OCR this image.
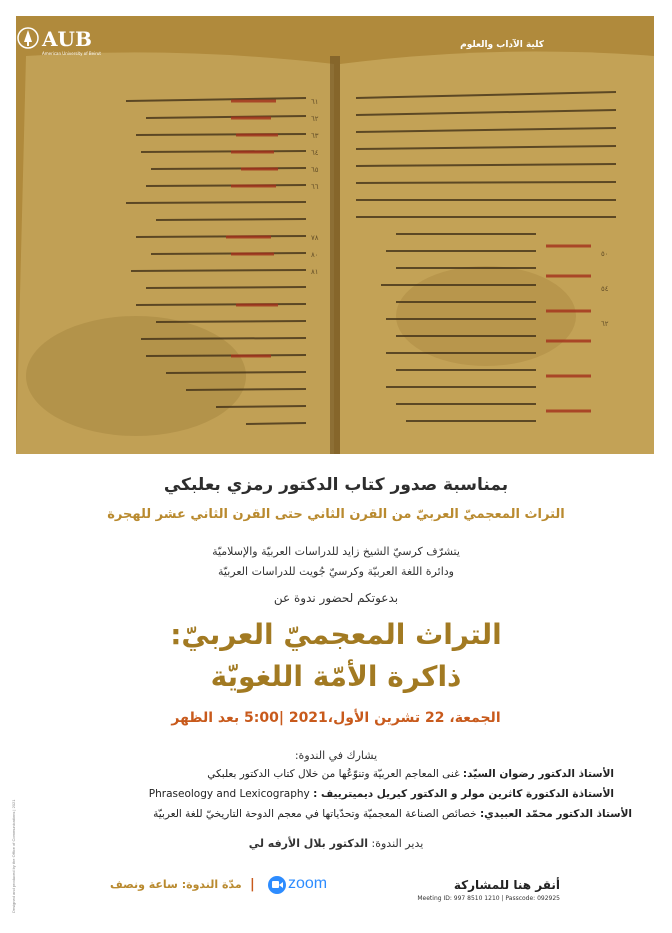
٦١
٦٢
٦٣
٦٤
٦٥
٦٦
٧٨
٨٠
٨١
٥٠
٥٤
٦٢
كلية الآداب والعلوم
AUB
American University of Beirut
بمناسبة صدور كتاب الدكتور رمزي بعلبكي
التراث المعجميّ العربيّ من القرن الثاني حتى القرن الثاني عشر للهجرة
يتشرّف كرسيّ الشيخ زايد للدراسات العربيّة والإسلاميّة
ودائرة اللغة العربيّة وكرسيّ جُويت للدراسات العربيّة
بدعوتكم لحضور ندوة عن
التراث المعجميّ العربيّ:
ذاكرة الأمّة اللغويّة
الجمعة، 22 تشرين الأول،2021 |5:00 بعد الظهر
يشارك في الندوة:
الأستاذ الدكتور رضوان السيّد: غنى المعاجم العربيّة وتنوّعُها من خلال كتاب الدكتور بعلبكي
الأستاذة الدكتورة كاثرين مولر و الدكتور كيريل ديميترييف : Phraseology and Lexicography
الأستاذ الدكتور محمّد العبيدي: خصائص الصناعة المعجميّة وتحدّياتها في معجم الدوحة التاريخيّ للغة العربيّة
يدير الندوة: الدكتور بلال الأرفه لي
أنقر هنا للمشاركة
Meeting ID: 997 8510 1210 | Passcode: 092925
zoom
|
مدّة الندوة: ساعة ونصف
Designed and produced by the Office of Communications | 2021
